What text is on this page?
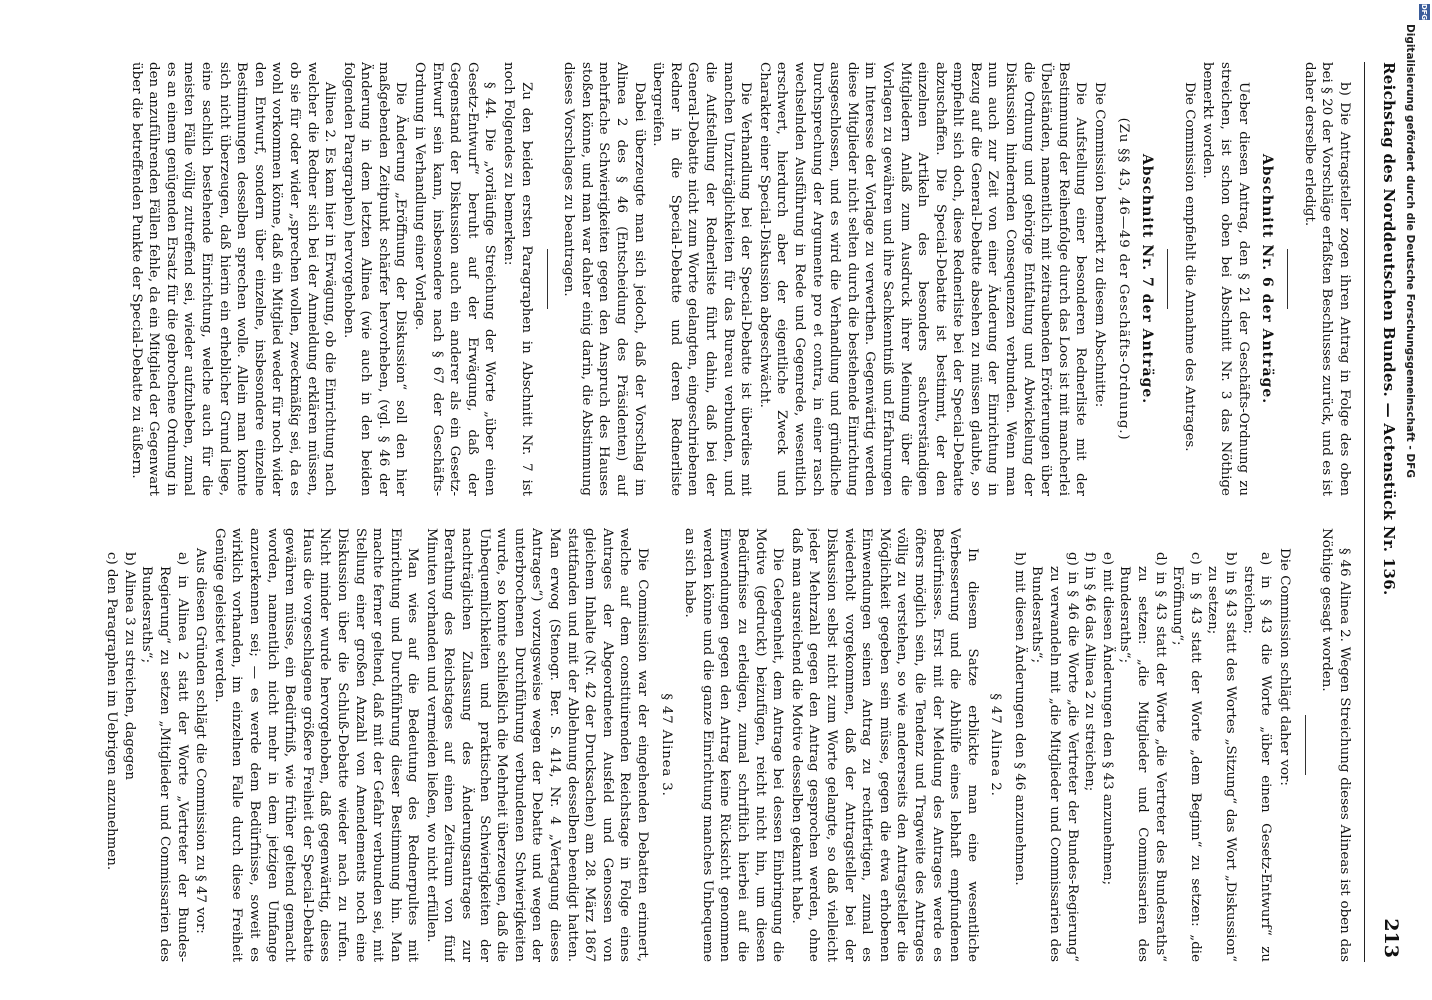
Reichstag des Norddeutschen Bundes. — Actenstück Nr. 136.
213

b) Die Antragsteller zogen ihren Antrag in Folge des oben bei § 20 der Vorschläge erfaßten Beschlusses zurück, und es ist daher derselbe erledigt.

Abschnitt Nr. 6 der Anträge.

Ueber diesen Antrag, den § 21 der Geschäfts-Ordnung zu streichen, ist schon oben bei Abschnitt Nr. 3 das Nöthige bemerkt worden.

Die Commission empfiehlt die Annahme des Antrages.

Abschnitt Nr. 7 der Anträge.
(Zu §§ 43, 46—49 der Geschäfts-Ordnung.)

Die Commission bemerkt zu diesem Abschnitte:

Die Aufstellung einer besonderen Rednerliste mit der Bestimmung der Reihenfolge durch das Loos ist mit mancherlei Übelständen, namentlich mit zeitraubenden Erörterungen über die Ordnung und gehörige Entfaltung und Abwickelung der Diskussion hindernden Consequenzen verbunden. Wenn man nun auch zur Zeit von einer Änderung der Einrichtung in Bezug auf die General-Debatte absehen zu müssen glaubte, so empfiehlt sich doch, diese Rednerliste bei der Special-Debatte abzuschaffen. Die Special-Debatte ist bestimmt, der den einzelnen Artikeln des besonders sachverständigen Mitgliedern Anlaß zum Ausdruck ihrer Meinung über die Vorlagen zu gewähren und ihre Sachkenntniß und Erfahrungen im Interesse der Vorlage zu verwerthen. Gegenwärtig werden diese Mitglieder nicht selten durch die bestehende Einrichtung ausgeschlossen, und es wird die Verhandlung und gründliche Durchsprechung der Argumente pro et contra, in einer rasch wechselnden Ausführung in Rede und Gegenrede, wesentlich erschwert, hierdurch aber der eigentliche Zweck und Charakter einer Special-Diskussion abgeschwächt.

Die Verhandlung bei der Special-Debatte ist überdies mit manchen Unzuträglichkeiten für das Bureau verbunden, und die Aufstellung der Rednerliste führt dahin, daß bei der General-Debatte nicht zum Worte gelangten, eingeschriebenen Redner in die Special-Debatte und deren Rednerliste übergreifen.

Dabei überzeugte man sich jedoch, daß der Vorschlag im Alinea 2 des § 46 (Entscheidung des Präsidenten) auf mehrfache Schwierigkeiten gegen den Anspruch des Hauses stoßen könne, und man war daher einig darin, die Abstimmung dieses Vorschlages zu beantragen.

Zu den beiden ersten Paragraphen in Abschnitt Nr. 7 ist noch Folgendes zu bemerken:

§ 44. Die „vorläufige Streichung der Worte „über einen Gesetz-Entwurf“ beruht auf der Erwägung, daß der Gegenstand der Diskussion auch ein anderer als ein Gesetz-Entwurf sein kann, insbesondere nach § 67 der Geschäfts-Ordnung in Verhandlung einer Vorlage.

Die Änderung „Eröffnung der Diskussion“ soll den hier maßgebenden Zeitpunkt schärfer hervorheben, (vgl. § 46 der Änderung in dem letzten Alinea (wie auch in den beiden folgenden Paragraphen) hervorgehoben.

Alinea 2. Es kam hier in Erwägung, ob die Einrichtung nach welcher die Redner sich bei der Anmeldung erklären müssen, ob sie für oder wider „sprechen wollen, zweckmäßig sei, da es wohl vorkommen könne, daß ein Mitglied weder für noch wider den Entwurf, sondern über einzelne, insbesondere einzelne Bestimmungen desselben sprechen wolle. Allein man konnte sich nicht überzeugen, daß hierin ein erheblicher Grund liege, eine sachlich bestehende Einrichtung, welche auch für die meisten Fälle völlig zutreffend sei, wieder aufzuheben, zumal es an einem genügenden Ersatz für die gebrochene Ordnung in den anzuführenden Fällen fehle, da ein Mitglied der Gegenwart über die betreffenden Punkte der Special-Debatte zu äußern.

§ 46 Alinea 2. Wegen Streichung dieses Alineas ist oben das Nöthige gesagt worden.

Die Commission schlägt daher vor:

a) in § 43 die Worte „über einen Gesetz-Entwurf“ zu streichen;
b) in § 43 statt des Wortes „Sitzung“ das Wort „Diskussion“ zu setzen;
c) in § 43 statt der Worte „dem Beginn“ zu setzen: „die Eröffnung“;
d) in § 43 statt der Worte „die Vertreter des Bundesraths“ zu setzen: „die Mitglieder und Commissarien des Bundesraths“;
e) mit diesen Änderungen den § 43 anzunehmen;
f) in § 46 das Alinea 2 zu streichen;
g) in § 46 die Worte „die Vertreter der Bundes-Regierung“ zu verwandeln mit „die Mitglieder und Commissarien des Bundesraths“;
h) mit diesen Änderungen den § 46 anzunehmen.
§ 47 Alinea 2.

In diesem Satze erblickte man eine wesentliche Verbesserung und die Abhülfe eines lebhaft empfundenen Bedürfnisses. Erst mit der Meldung des Antrages werde es öfters möglich sein, die Tendenz und Tragweite des Antrages völlig zu verstehen, so wie andererseits den Antragsteller die Möglichkeit gegeben sein müsse, gegen die etwa erhobenen Einwendungen seinen Antrag zu rechtfertigen, zumal es wiederholt vorgekommen, daß der Antragsteller bei der Diskussion selbst nicht zum Worte gelangte, so daß vielleicht jeder Mehrzahl gegen den Antrag gesprochen werden, ohne daß man ausreichend die Motive desselben gekannt habe.

Die Gelegenheit, dem Antrage bei dessen Einbringung die Motive (gedruckt) beizufügen, reicht nicht hin, um diesen Bedürfnisse zu erledigen, zumal schriftlich hierbei auf die Einwendungen gegen den Antrag keine Rücksicht genommen werden könne und die ganze Einrichtung manches Unbequeme an sich habe.

§ 47 Alinea 3.

Die Commission war der eingehenden Debatten erinnert, welche auf dem constituirenden Reichstage in Folge eines Antrages der Abgeordneten Ausfeld und Genossen von gleichem Inhalte (Nr. 42 der Drucksachen) am 28. März 1867 stattfanden und mit der Ablehnung desselben beendigt hatten. Man erwog (Stenogr. Ber. S. 414, Nr. 4 „Vertagung dieses Antrages“) vorzugsweise wegen der Debatte und wegen der unterbrochenen Durchführung verbundenen Schwierigkeiten wurde, so konnte schließlich die Mehrheit überzeugen, daß die Unbequemlichkeiten und praktischen Schwierigkeiten der nachträglichen Zulassung des Änderungsantrages zur Berathung des Reichstages auf einen Zeitraum von fünf Minuten vorhanden und vermeiden ließen, wo nicht erfüllen.

Man wies auf die Bedeutung des Rednerpultes mit Einrichtung und Durchführung dieser Bestimmung hin. Man machte ferner geltend, daß mit der Gefahr verbunden sei, mit Stellung einer großen Anzahl von Amendements noch eine Diskussion über die Schluß-Debatte wieder nach zu rufen. Nicht minder wurde hervorgehoben, daß gegenwärtig, dieses Haus die vorgeschlagene größere Freiheit der Special-Debatte gewähren müsse, ein Bedürfniß, wie früher geltend gemacht worden, namentlich nicht mehr in dem jetzigen Umfange anzuerkennen sei; — es werde dem Bedürfnisse, soweit es wirklich vorhanden, im einzelnen Falle durch diese Freiheit Genüge geleistet werden.

Aus diesen Gründen schlägt die Commission zu § 47 vor:

a) in Alinea 2 statt der Worte „Vertreter der Bundes-Regierung“ zu setzen „Mitglieder und Commissarien des Bundesraths“;
b) Alinea 3 zu streichen, dagegen
c) den Paragraphen im Uebrigen anzunehmen.
Digitalisierung gefördert durch die Deutsche Forschungsgemeinschaft - DFG
DFG
